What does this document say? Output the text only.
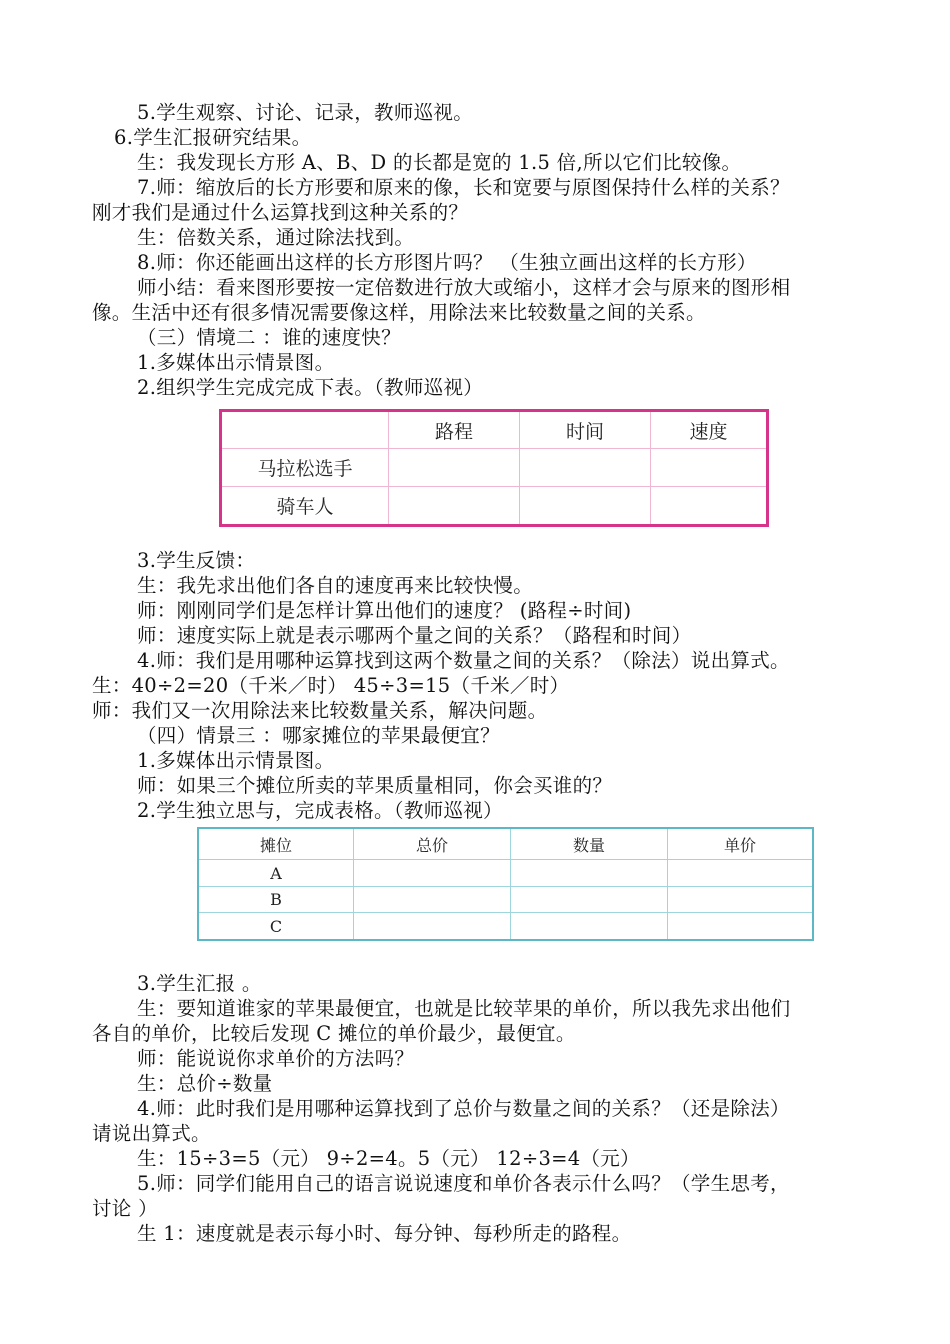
5.学生观察、讨论、记录，教师巡视。
6.学生汇报研究结果。
生：我发现长方形 A、B、D 的长都是宽的 1.5 倍,所以它们比较像。
7.师：缩放后的长方形要和原来的像，长和宽要与原图保持什么样的关系？
刚才我们是通过什么运算找到这种关系的？
生：倍数关系，通过除法找到。
8.师：你还能画出这样的长方形图片吗？ （生独立画出这样的长方形）
师小结：看来图形要按一定倍数进行放大或缩小，这样才会与原来的图形相
像。生活中还有很多情况需要像这样，用除法来比较数量之间的关系。
（三）情境二 ：谁的速度快？
1.多媒体出示情景图。
2.组织学生完成完成下表。（教师巡视）
	路程	时间	速度
马拉松选手			
骑车人			
3.学生反馈：
生：我先求出他们各自的速度再来比较快慢。
师：刚刚同学们是怎样计算出他们的速度？ (路程÷时间)
师：速度实际上就是表示哪两个量之间的关系？（路程和时间）
4.师：我们是用哪种运算找到这两个数量之间的关系？（除法）说出算式。
生：40÷2=20（千米／时） 45÷3=15（千米／时）
师：我们又一次用除法来比较数量关系，解决问题。
（四）情景三 ：哪家摊位的苹果最便宜？
1.多媒体出示情景图。
师：如果三个摊位所卖的苹果质量相同，你会买谁的？
2.学生独立思与，完成表格。（教师巡视）
摊位	总价	数量	单价
A			
B			
C			
3.学生汇报 。
生：要知道谁家的苹果最便宜，也就是比较苹果的单价，所以我先求出他们
各自的单价，比较后发现 C 摊位的单价最少，最便宜。
师：能说说你求单价的方法吗？
生：总价÷数量
4.师：此时我们是用哪种运算找到了总价与数量之间的关系？（还是除法）
请说出算式。
生：15÷3=5（元） 9÷2=4。5（元） 12÷3=4（元）
5.师：同学们能用自己的语言说说速度和单价各表示什么吗？（学生思考，
讨论 ）
生 1：速度就是表示每小时、每分钟、每秒所走的路程。
